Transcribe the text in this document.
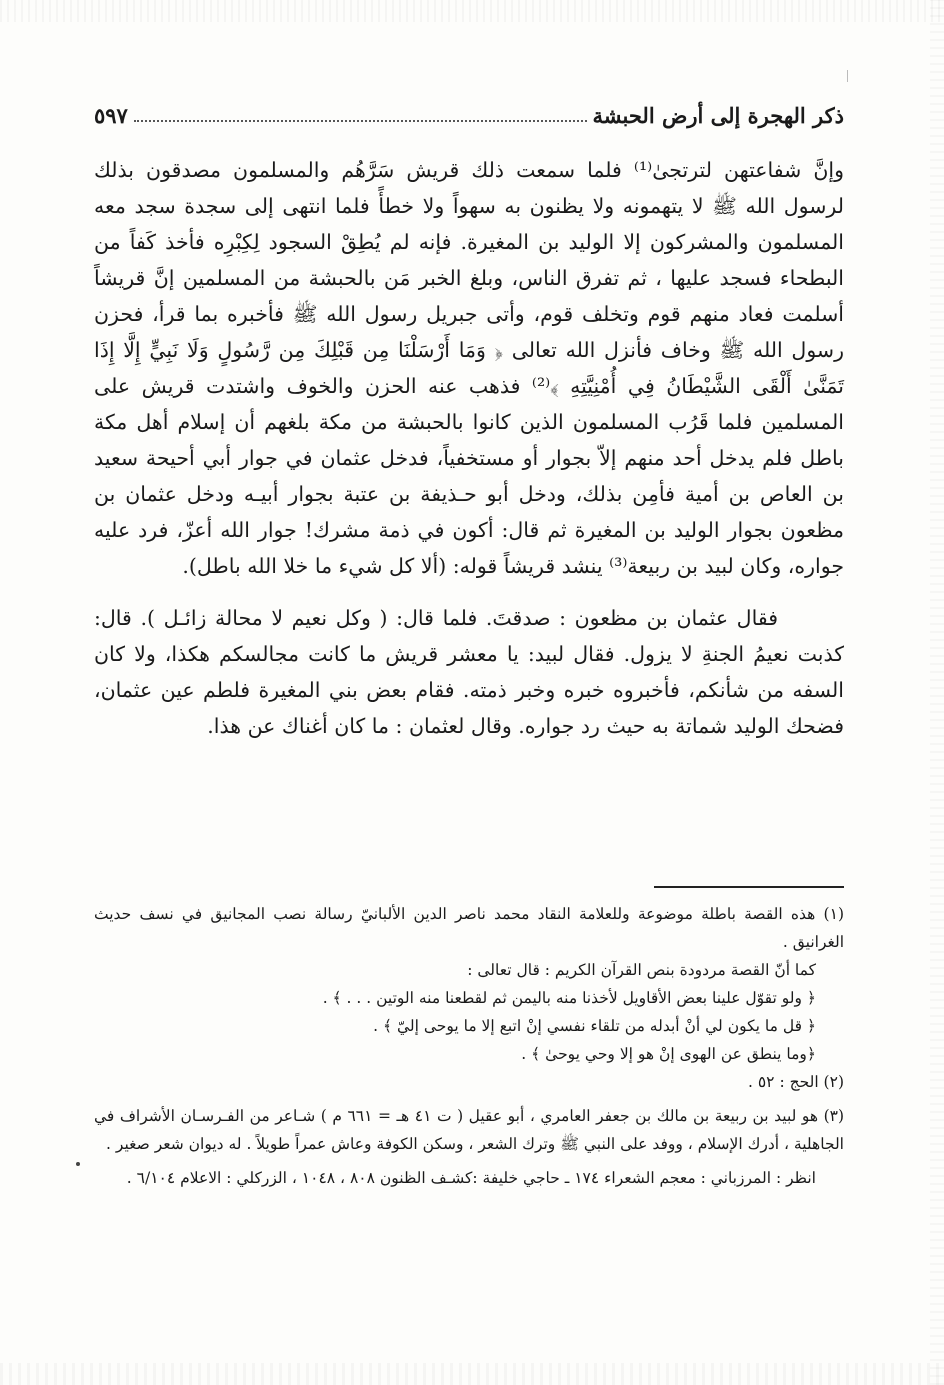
ذكر الهجرة إلى أرض الحبشة
٥٩٧

وإنَّ شفاعتهن لترتجىٰ⁽¹⁾ فلما سمعت ذلك قريش سَرَّهُم والمسلمون مصدقون بذلك لرسول الله ﷺ لا يتهمونه ولا يظنون به سهواً ولا خطأً فلما انتهى إلى سجدة سجد معه المسلمون والمشركون إلا الوليد بن المغيرة. فإنه لم يُطِقْ السجود لِكِبْرِه فأخذ كَفاً من البطحاء فسجد عليها ، ثم تفرق الناس، وبلغ الخبر مَن بالحبشة من المسلمين إنَّ قريشاً أسلمت فعاد منهم قوم وتخلف قوم، وأتى جبريل رسول الله ﷺ فأخبره بما قرأ، فحزن رسول الله ﷺ وخاف فأنزل الله تعالى ﴿ وَمَا أَرْسَلْنَا مِن قَبْلِكَ مِن رَّسُولٍ وَلَا نَبِيٍّ إِلَّا إِذَا تَمَنَّىٰ أَلْقَى الشَّيْطَانُ فِي أُمْنِيَّتِهِ ﴾⁽²⁾ فذهب عنه الحزن والخوف واشتدت قريش على المسلمين فلما قَرُب المسلمون الذين كانوا بالحبشة من مكة بلغهم أن إسلام أهل مكة باطل فلم يدخل أحد منهم إلاّ بجوار أو مستخفياً، فدخل عثمان في جوار أبي أحيحة سعيد بن العاص بن أمية فأمِن بذلك، ودخل أبو حـذيفة بن عتبة بجوار أبيـه ودخل عثمان بن مظعون بجوار الوليد بن المغيرة ثم قال: أكون في ذمة مشرك! جوار الله أعزّ، فرد عليه جواره، وكان لبيد بن ربيعة⁽³⁾ ينشد قريشاً قوله: (ألا كل شيء ما خلا الله باطل).

فقال عثمان بن مظعون : صدقتَ. فلما قال: ( وكل نعيم لا محالة زائـل ). قال: كذبت نعيمُ الجنةِ لا يزول. فقال لبيد: يا معشر قريش ما كانت مجالسكم هكذا، ولا كان السفه من شأنكم، فأخبروه خبره وخبر ذمته. فقام بعض بني المغيرة فلطم عين عثمان، فضحك الوليد شماتة به حيث رد جواره. وقال لعثمان : ما كان أغناك عن هذا.

(١) هذه القصة باطلة موضوعة وللعلامة النقاد محمد ناصر الدين الألبانيّ رسالة نصب المجانيق في نسف حديث الغرانيق .

كما أنّ القصة مردودة بنص القرآن الكريم : قال تعالى :

﴿ ولو تقوّل علينا بعض الأقاويل لأخذنا منه باليمن ثم لقطعنا منه الوتين . . . ﴾ .

﴿ قل ما يكون لي أنْ أبدله من تلقاء نفسي إنْ اتبع إلا ما يوحى إليّ ﴾ .

﴿وما ينطق عن الهوى إنْ هو إلا وحي يوحىٰ ﴾ .

(٢) الحج : ٥٢ .

(٣) هو لبيد بن ربيعة بن مالك بن جعفر العامري ، أبو عقيل ( ت ٤١ هـ = ٦٦١ م ) شـاعر من الفـرسـان الأشراف في الجاهلية ، أدرك الإسلام ، ووفد على النبي ﷺ وترك الشعر ، وسكن الكوفة وعاش عمراً طويلاً . له ديوان شعر صغير .

انظر : المرزباني : معجم الشعراء ١٧٤ ـ حاجي خليفة :كشـف الظنون ٨٠٨ ، ١٠٤٨ ، الزركلي : الاعلام ٦/١٠٤ .
